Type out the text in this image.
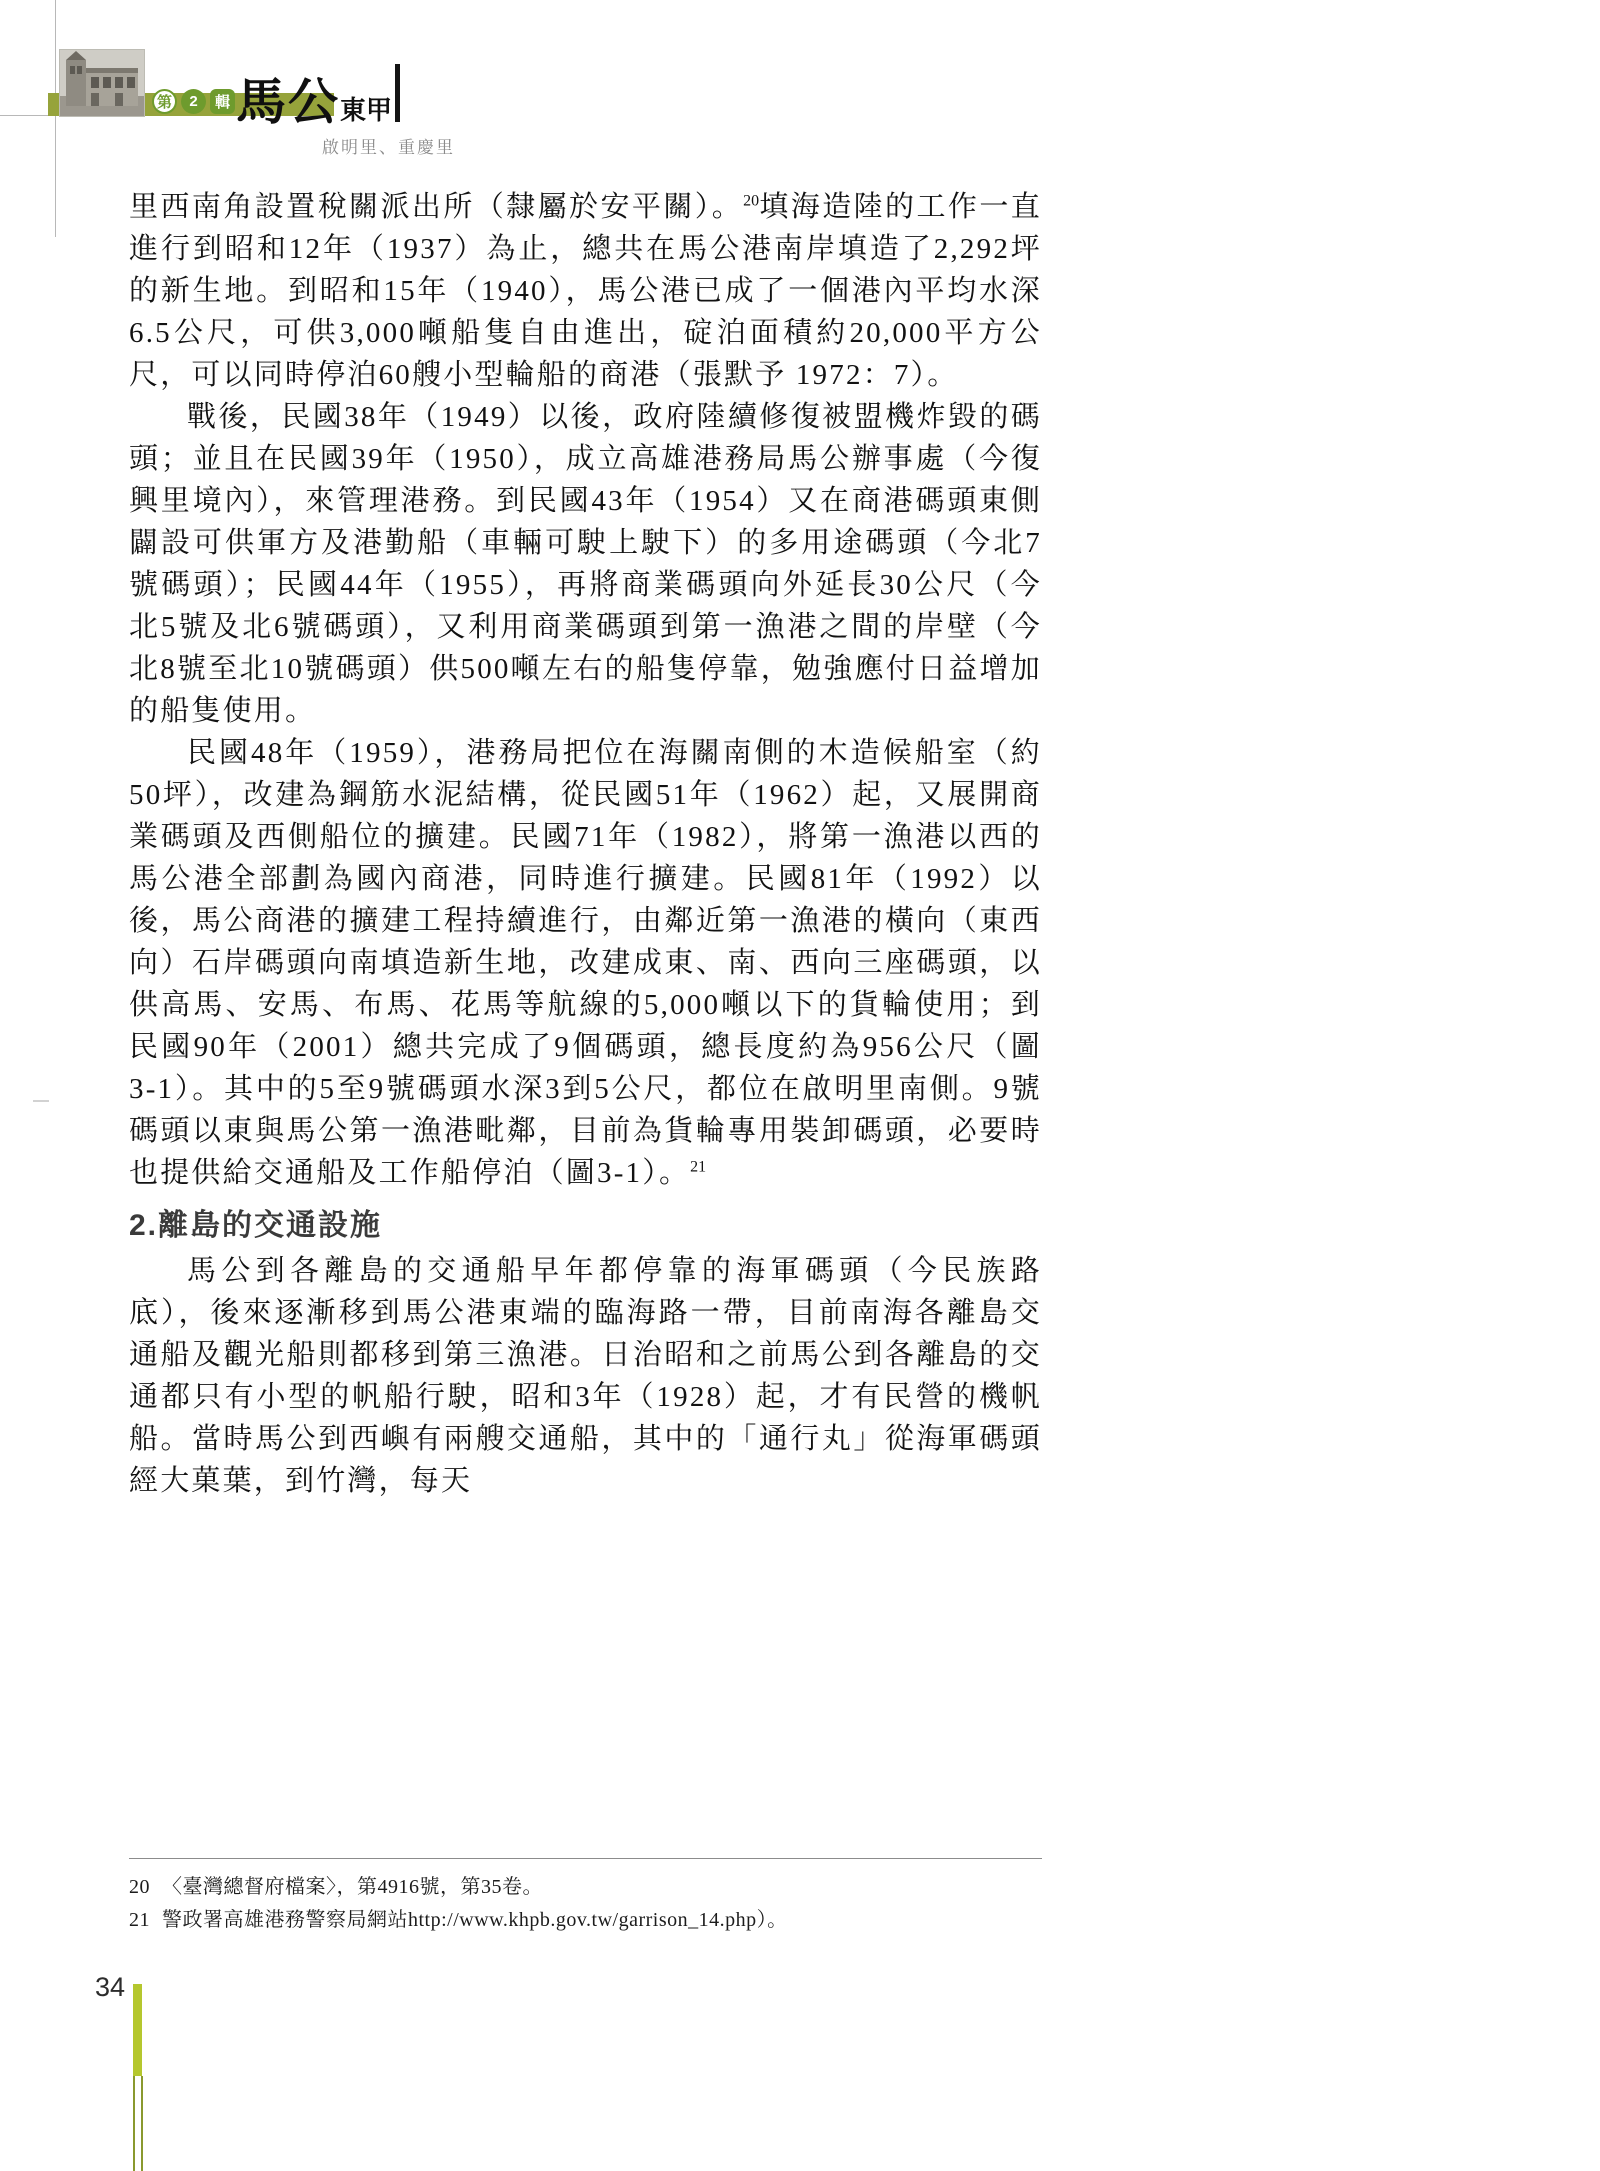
第	2	輯 馬公 東甲
啟明里、重慶里

里西南角設置稅關派出所（隸屬於安平關）。$^{20}$填海造陸的工作一直進行到昭和12年（1937）為止，總共在馬公港南岸填造了2,292坪的新生地。到昭和15年（1940），馬公港已成了一個港內平均水深6.5公尺，可供3,000噸船隻自由進出，碇泊面積約20,000平方公尺，可以同時停泊60艘小型輪船的商港（張默予 1972：7）。

戰後，民國38年（1949）以後，政府陸續修復被盟機炸毀的碼頭；並且在民國39年（1950），成立高雄港務局馬公辦事處（今復興里境內），來管理港務。到民國43年（1954）又在商港碼頭東側闢設可供軍方及港勤船（車輛可駛上駛下）的多用途碼頭（今北7號碼頭）；民國44年（1955），再將商業碼頭向外延長30公尺（今北5號及北6號碼頭），又利用商業碼頭到第一漁港之間的岸壁（今北8號至北10號碼頭）供500噸左右的船隻停靠，勉強應付日益增加的船隻使用。

民國48年（1959），港務局把位在海關南側的木造候船室（約50坪），改建為鋼筋水泥結構，從民國51年（1962）起，又展開商業碼頭及西側船位的擴建。民國71年（1982），將第一漁港以西的馬公港全部劃為國內商港，同時進行擴建。民國81年（1992）以後，馬公商港的擴建工程持續進行，由鄰近第一漁港的橫向（東西向）石岸碼頭向南填造新生地，改建成東、南、西向三座碼頭，以供高馬、安馬、布馬、花馬等航線的5,000噸以下的貨輪使用；到民國90年（2001）總共完成了9個碼頭，總長度約為956公尺（圖3-1）。其中的5至9號碼頭水深3到5公尺，都位在啟明里南側。9號碼頭以東與馬公第一漁港毗鄰，目前為貨輪專用裝卸碼頭，必要時也提供給交通船及工作船停泊（圖3-1）。$^{21}$

2.離島的交通設施

馬公到各離島的交通船早年都停靠的海軍碼頭（今民族路底），後來逐漸移到馬公港東端的臨海路一帶，目前南海各離島交通船及觀光船則都移到第三漁港。日治昭和之前馬公到各離島的交通都只有小型的帆船行駛，昭和3年（1928）起，才有民營的機帆船。當時馬公到西嶼有兩艘交通船，其中的「通行丸」從海軍碼頭經大菓葉，到竹灣，每天

20 〈臺灣總督府檔案〉，第4916號，第35卷。
21 警政署高雄港務警察局網站http://www.khpb.gov.tw/garrison_14.php）。
34
